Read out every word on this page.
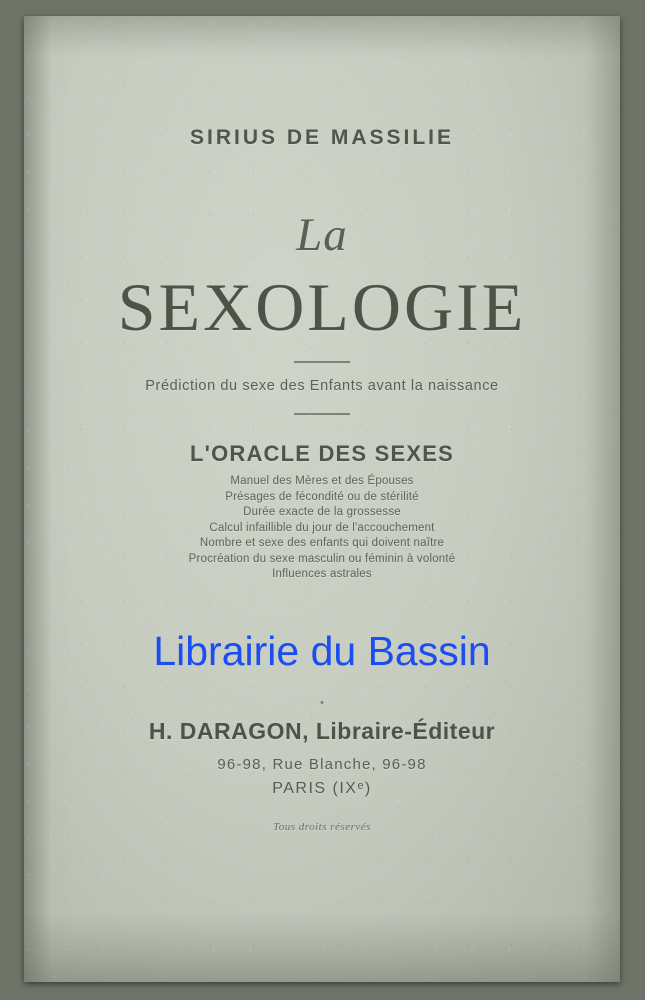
SIRIUS DE MASSILIE
La
SEXOLOGIE
Prédiction du sexe des Enfants avant la naissance
L'ORACLE DES SEXES
Manuel des Mères et des Épouses
Présages de fécondité ou de stérilité
Durée exacte de la grossesse
Calcul infaillible du jour de l'accouchement
Nombre et sexe des enfants qui doivent naître
Procréation du sexe masculin ou féminin à volonté
Influences astrales
Librairie du Bassin
H. DARAGON, Libraire-Éditeur
96-98, Rue Blanche, 96-98
PARIS (IXᵉ)
Tous droits réservés
